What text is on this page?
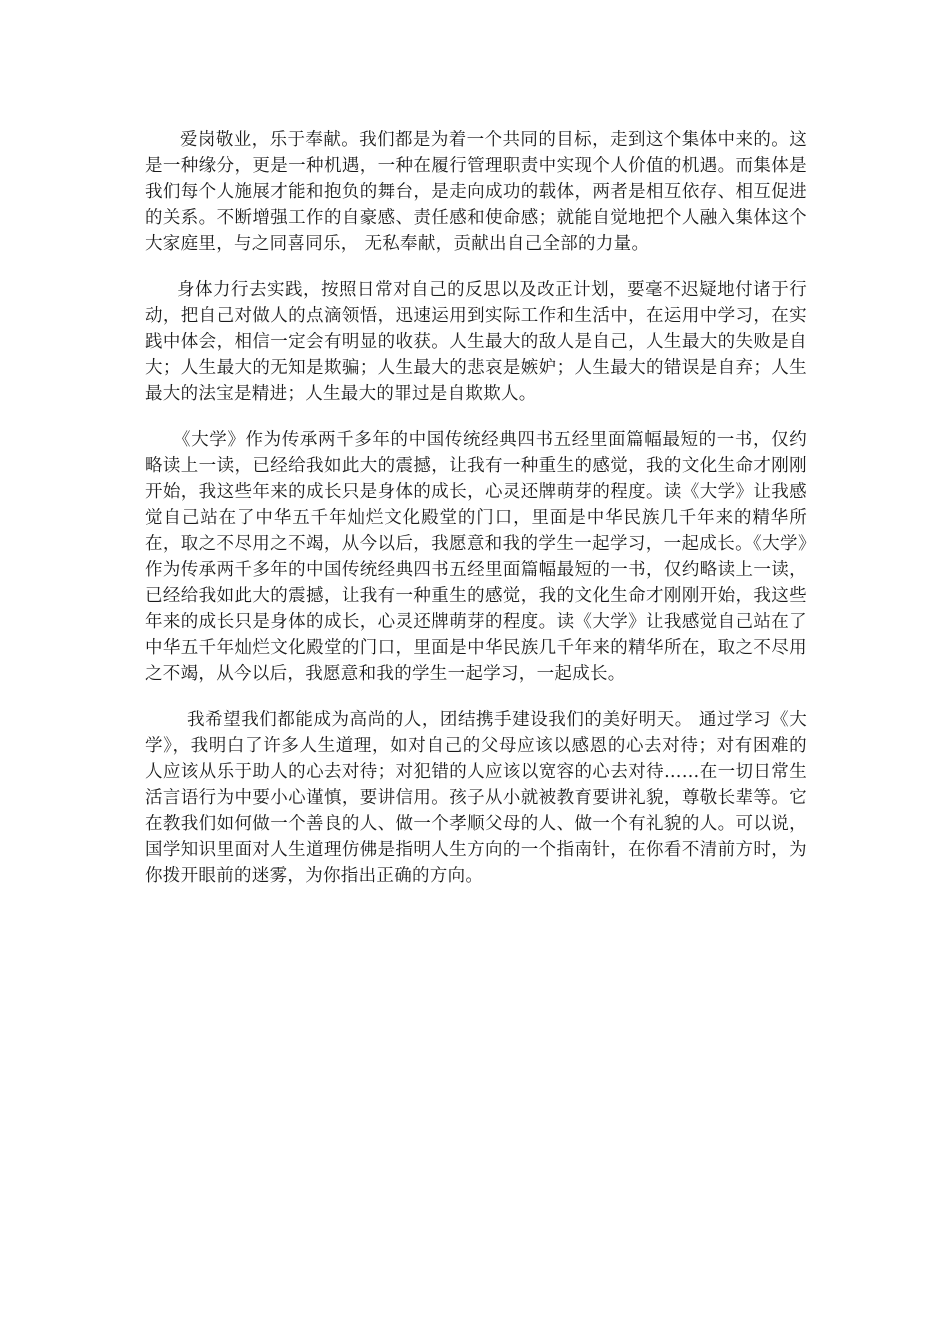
爱岗敬业，乐于奉献。我们都是为着一个共同的目标，走到这个集体中来的。这是一种缘分，更是一种机遇，一种在履行管理职责中实现个人价值的机遇。而集体是我们每个人施展才能和抱负的舞台，是走向成功的载体，两者是相互依存、相互促进的关系。不断增强工作的自豪感、责任感和使命感；就能自觉地把个人融入集体这个大家庭里，与之同喜同乐， 无私奉献，贡献出自己全部的力量。

身体力行去实践，按照日常对自己的反思以及改正计划，要毫不迟疑地付诸于行动，把自己对做人的点滴领悟，迅速运用到实际工作和生活中，在运用中学习，在实践中体会，相信一定会有明显的收获。人生最大的敌人是自己，人生最大的失败是自大；人生最大的无知是欺骗；人生最大的悲哀是嫉妒；人生最大的错误是自弃；人生最大的法宝是精进；人生最大的罪过是自欺欺人。

《大学》作为传承两千多年的中国传统经典四书五经里面篇幅最短的一书，仅约略读上一读，已经给我如此大的震撼，让我有一种重生的感觉，我的文化生命才刚刚开始，我这些年来的成长只是身体的成长，心灵还牌萌芽的程度。读《大学》让我感觉自己站在了中华五千年灿烂文化殿堂的门口，里面是中华民族几千年来的精华所在，取之不尽用之不竭，从今以后，我愿意和我的学生一起学习，一起成长。《大学》作为传承两千多年的中国传统经典四书五经里面篇幅最短的一书，仅约略读上一读，已经给我如此大的震撼，让我有一种重生的感觉，我的文化生命才刚刚开始，我这些年来的成长只是身体的成长，心灵还牌萌芽的程度。读《大学》让我感觉自己站在了中华五千年灿烂文化殿堂的门口，里面是中华民族几千年来的精华所在，取之不尽用之不竭，从今以后，我愿意和我的学生一起学习，一起成长。

我希望我们都能成为高尚的人，团结携手建设我们的美好明天。 通过学习《大学》，我明白了许多人生道理，如对自己的父母应该以感恩的心去对待；对有困难的人应该从乐于助人的心去对待；对犯错的人应该以宽容的心去对待……在一切日常生活言语行为中要小心谨慎，要讲信用。孩子从小就被教育要讲礼貌，尊敬长辈等。它在教我们如何做一个善良的人、做一个孝顺父母的人、做一个有礼貌的人。可以说，国学知识里面对人生道理仿佛是指明人生方向的一个指南针，在你看不清前方时，为你拨开眼前的迷雾，为你指出正确的方向。
